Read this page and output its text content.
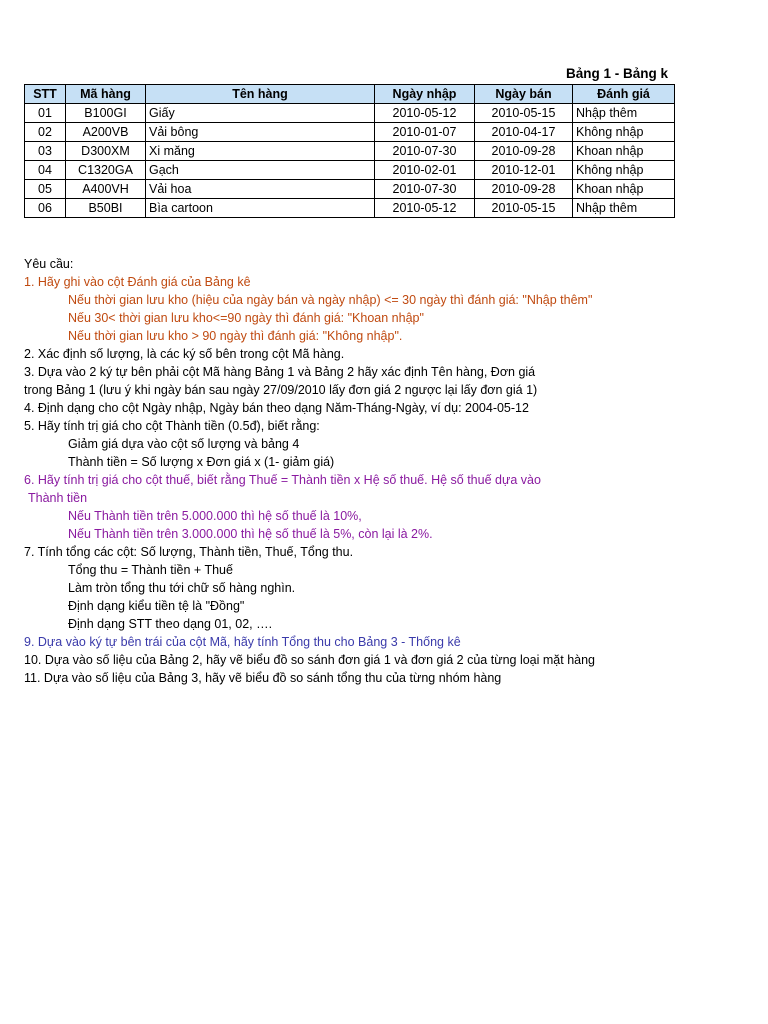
Bảng 1 - Bảng k
STT	Mã hàng	Tên hàng	Ngày nhập	Ngày bán	Đánh giá
01	B100GI	Giấy	2010-05-12	2010-05-15	Nhập thêm
02	A200VB	Vải bông	2010-01-07	2010-04-17	Không nhập
03	D300XM	Xi măng	2010-07-30	2010-09-28	Khoan nhập
04	C1320GA	Gạch	2010-02-01	2010-12-01	Không nhập
05	A400VH	Vải hoa	2010-07-30	2010-09-28	Khoan nhập
06	B50BI	Bìa cartoon	2010-05-12	2010-05-15	Nhập thêm
Yêu cầu:
1. Hãy ghi vào cột Đánh giá của Bảng kê
Nếu thời gian lưu kho (hiệu của ngày bán và ngày nhập) <= 30 ngày thì đánh giá: "Nhập thêm"
Nếu 30< thời gian lưu kho<=90 ngày thì đánh giá: "Khoan nhập"
Nếu thời gian lưu kho > 90 ngày thì đánh giá: "Không nhập".
2. Xác định số lượng, là các ký số bên trong cột Mã hàng.
3. Dựa vào 2 ký tự bên phải cột Mã hàng Bảng 1 và Bảng 2 hãy xác định Tên hàng, Đơn giá
trong Bảng 1 (lưu ý khi ngày bán sau ngày 27/09/2010 lấy đơn giá 2 ngược lại lấy đơn giá 1)
4. Định dạng cho cột Ngày nhập, Ngày bán theo dạng Năm-Tháng-Ngày, ví dụ: 2004-05-12
5. Hãy tính trị giá cho cột Thành tiền (0.5đ), biết rằng:
Giảm giá dựa vào cột số lượng và bảng 4
Thành tiền = Số lượng x Đơn giá x (1- giảm giá)
6. Hãy tính trị giá cho cột thuế, biết rằng Thuế = Thành tiền x Hệ số thuế. Hệ số thuế dựa vào
Thành tiền
Nếu Thành tiền trên 5.000.000 thì hệ số thuế là 10%,
Nếu Thành tiền trên 3.000.000 thì hệ số thuế là 5%, còn lại là 2%.
7. Tính tổng các cột: Số lượng, Thành tiền, Thuế, Tổng thu.
Tổng thu = Thành tiền + Thuế
Làm tròn tổng thu tới chữ số hàng nghìn.
Định dạng kiểu tiền tệ là "Đồng"
Định dạng STT theo dạng 01, 02, ….
9. Dựa vào ký tự bên trái của cột Mã, hãy tính Tổng thu cho Bảng 3 - Thống kê
10. Dựa vào số liệu của Bảng 2, hãy vẽ biểu đồ so sánh đơn giá 1 và đơn giá 2 của từng loại mặt hàng
11. Dựa vào số liệu của Bảng 3, hãy vẽ biểu đồ so sánh tổng thu của từng nhóm hàng
